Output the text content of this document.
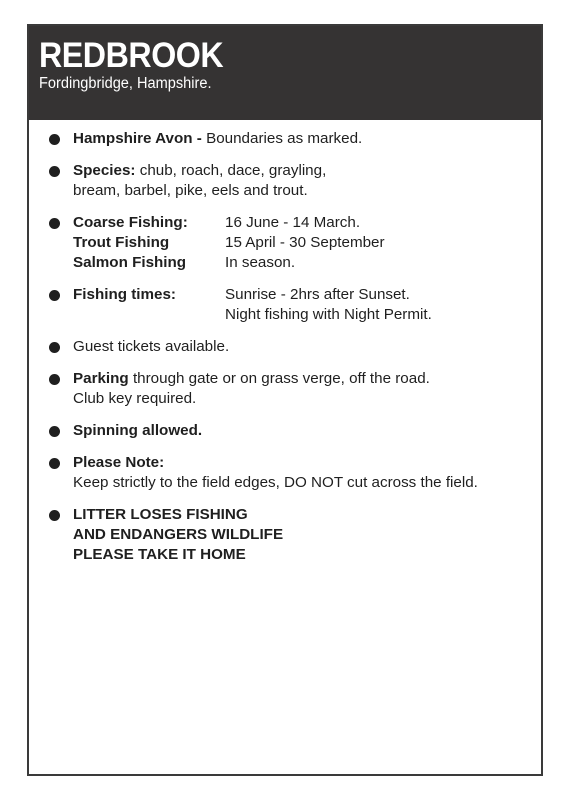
REDBROOK
Fordingbridge, Hampshire.
Hampshire Avon - Boundaries as marked.
Species: chub, roach, dace, grayling,
bream, barbel, pike, eels and trout.
Coarse Fishing:	16 June - 14 March.
Trout Fishing	15 April - 30 September
Salmon Fishing	In season.
Fishing times:	Sunrise - 2hrs after Sunset.
Night fishing with Night Permit.
Guest tickets available.
Parking through gate or on grass verge, off the road.
Club key required.
Spinning allowed.
Please Note:
Keep strictly to the field edges, DO NOT cut across the field.
LITTER LOSES FISHING
AND ENDANGERS WILDLIFE
PLEASE TAKE IT HOME
